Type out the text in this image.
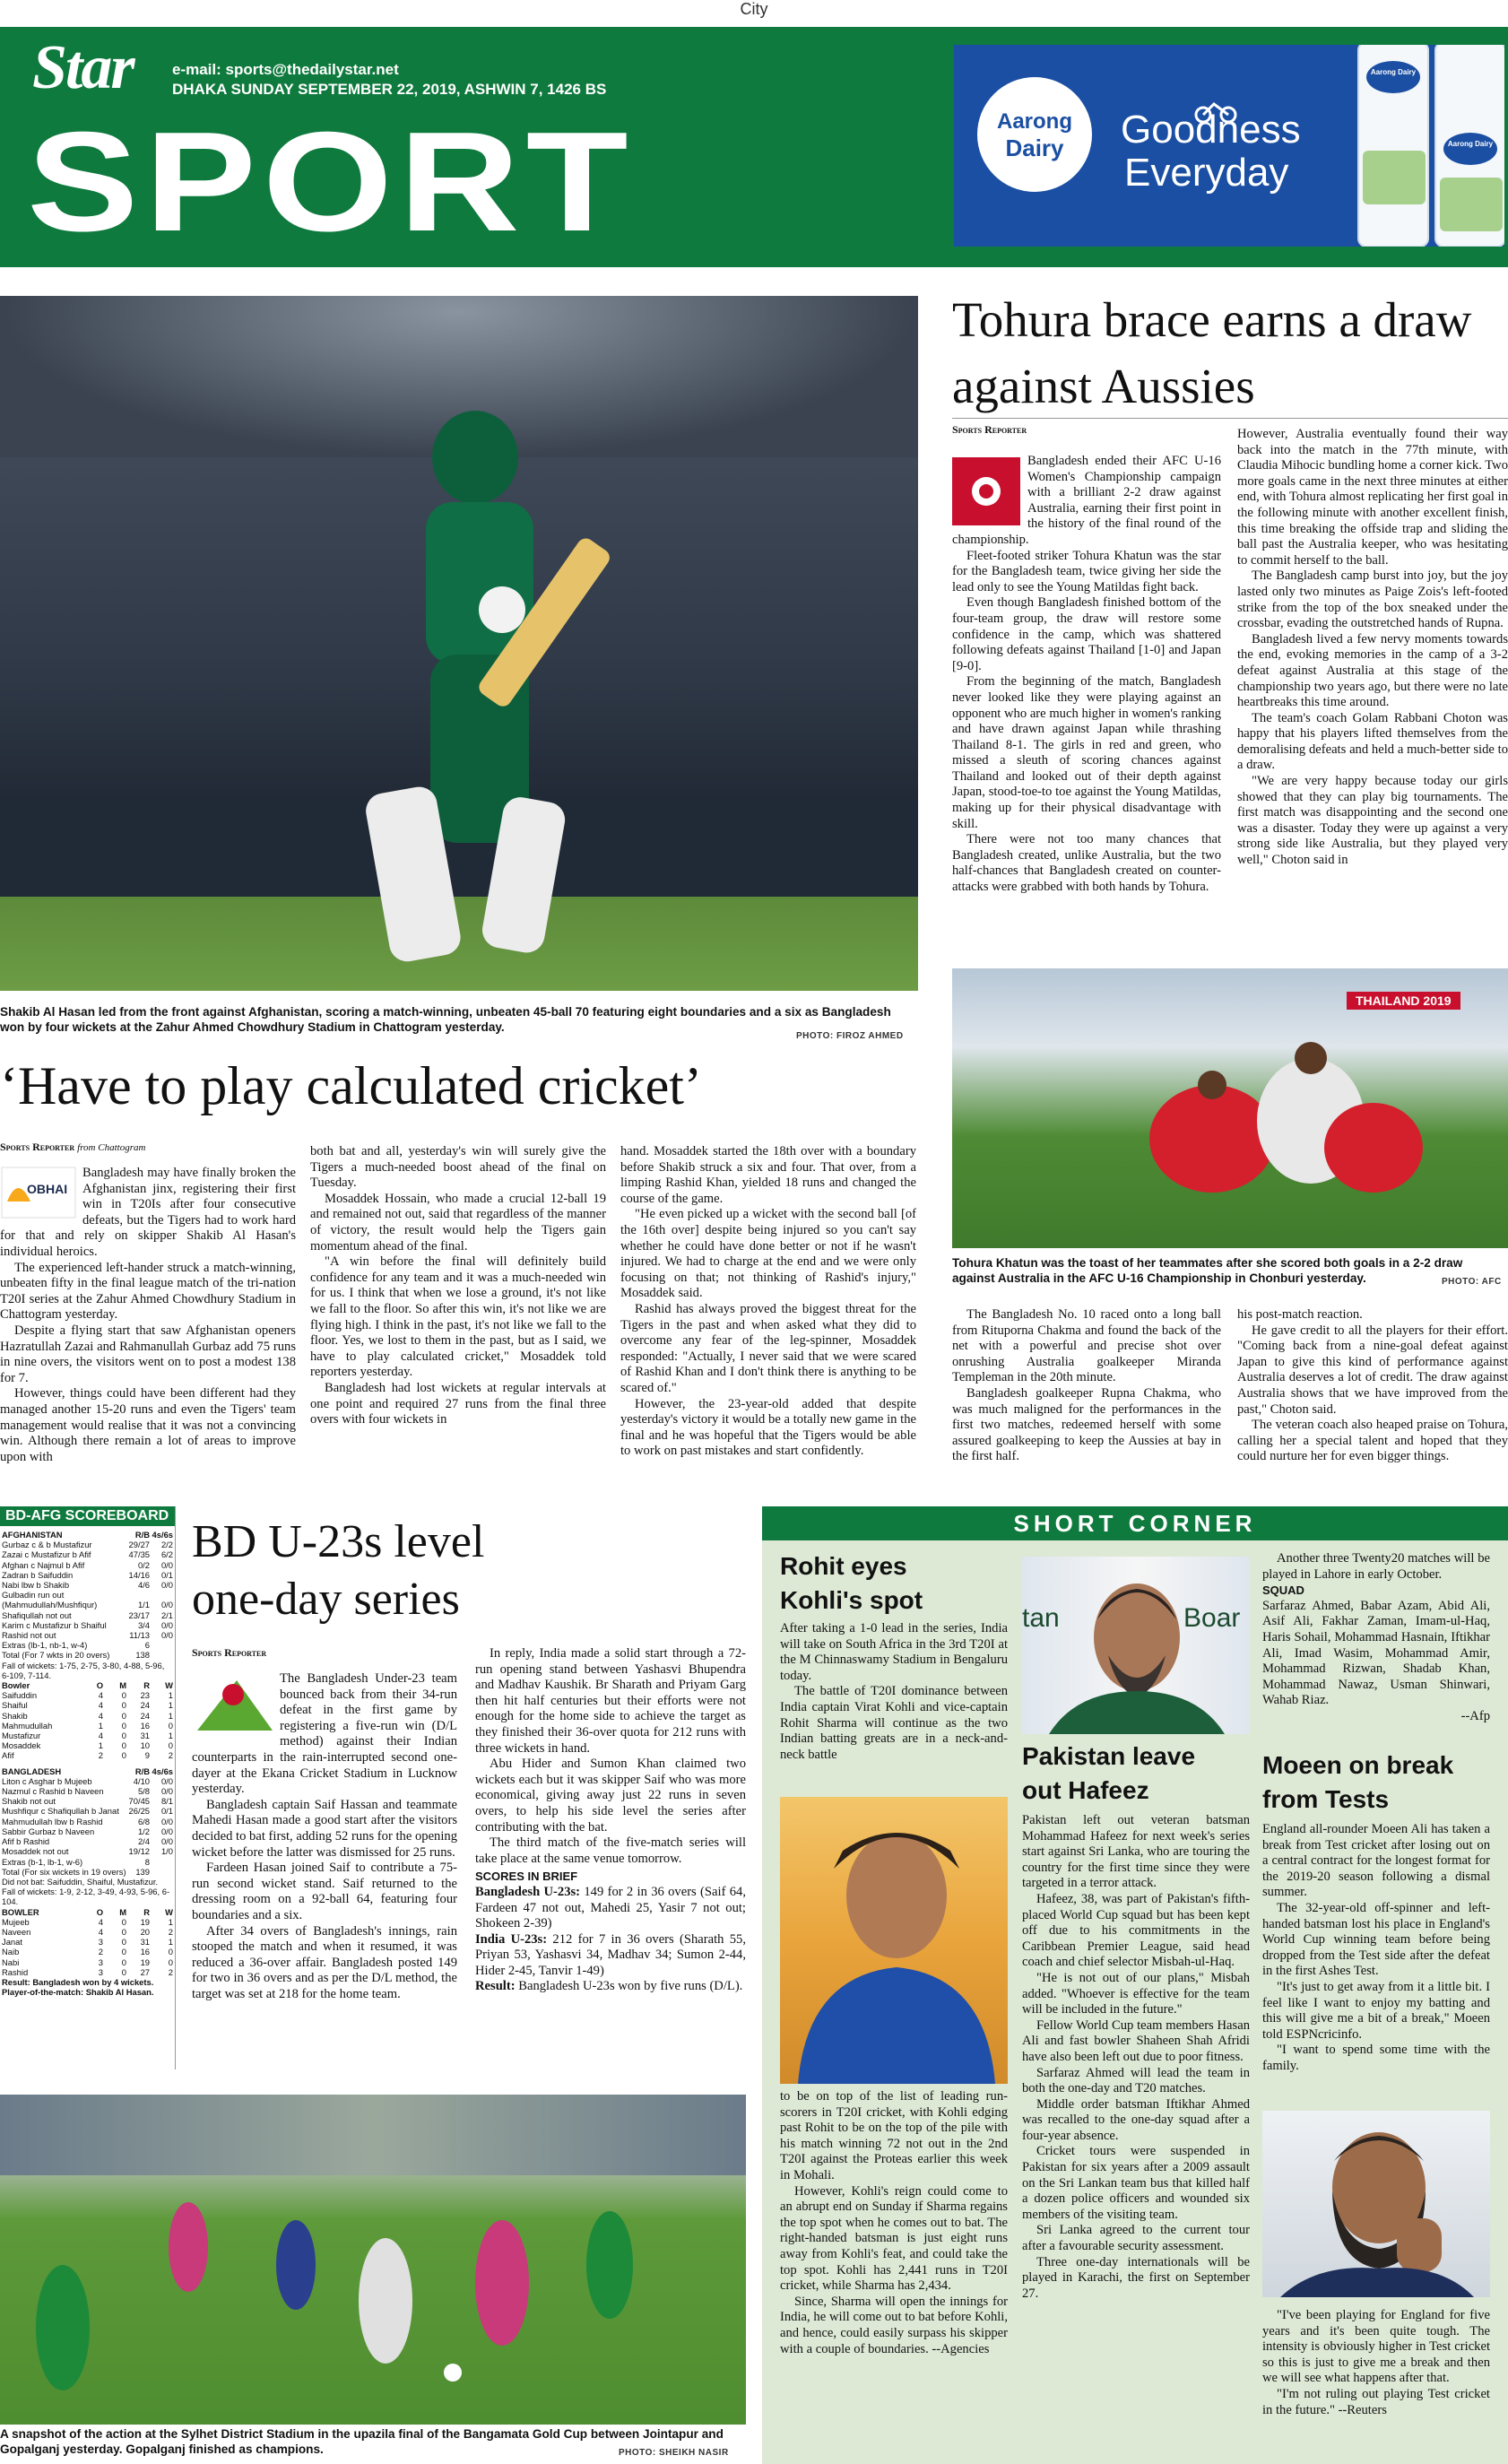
City
Star	e-mail: sports@thedailystar.net
DHAKA SUNDAY SEPTEMBER 22, 2019, ASHWIN 7, 1426 BS
SPORT	Aarong
Dairy	Goodness
Everyday
Aarong Dairy
Aarong Dairy
Shakib Al Hasan led from the front against Afghanistan, scoring a match-winning, unbeaten 45-ball 70 featuring eight boundaries and a six as Bangladesh won by four wickets at the Zahur Ahmed Chowdhury Stadium in Chattogram yesterday.
PHOTO: FIROZ AHMED
‘Have to play calculated cricket’
Sports Reporter from Chattogram
OBHAI

Bangladesh may have finally broken the Afghanistan jinx, registering their first win in T20Is after four consecutive defeats, but the Tigers had to work hard for that and rely on skipper Shakib Al Hasan's individual heroics.

The experienced left-hander struck a match-winning, unbeaten fifty in the final league match of the tri-nation T20I series at the Zahur Ahmed Chowdhury Stadium in Chattogram yesterday.

Despite a flying start that saw Afghanistan openers Hazratullah Zazai and Rahmanullah Gurbaz add 75 runs in nine overs, the visitors went on to post a modest 138 for 7.

However, things could have been different had they managed another 15-20 runs and even the Tigers' team management would realise that it was not a convincing win. Although there remain a lot of areas to improve upon with

both bat and all, yesterday's win will surely give the Tigers a much-needed boost ahead of the final on Tuesday.

Mosaddek Hossain, who made a crucial 12-ball 19 and remained not out, said that regardless of the manner of victory, the result would help the Tigers gain momentum ahead of the final.

"A win before the final will definitely build confidence for any team and it was a much-needed win for us. I think that when we lose a ground, it's not like we fall to the floor. So after this win, it's not like we are flying high. I think in the past, it's not like we fall to the floor. Yes, we lost to them in the past, but as I said, we have to play calculated cricket," Mosaddek told reporters yesterday.

Bangladesh had lost wickets at regular intervals at one point and required 27 runs from the final three overs with four wickets in

hand. Mosaddek started the 18th over with a boundary before Shakib struck a six and four. That over, from a limping Rashid Khan, yielded 18 runs and changed the course of the game.

"He even picked up a wicket with the second ball [of the 16th over] despite being injured so you can't say whether he could have done better or not if he wasn't injured. We had to charge at the end and we were only focusing on that; not thinking of Rashid's injury," Mosaddek said.

Rashid has always proved the biggest threat for the Tigers in the past and when asked what they did to overcome any fear of the leg-spinner, Mosaddek responded: "Actually, I never said that we were scared of Rashid Khan and I don't think there is anything to be scared of."

However, the 23-year-old added that despite yesterday's victory it would be a totally new game in the final and he was hopeful that the Tigers would be able to work on past mistakes and start confidently.

Tohura brace earns a draw against Aussies
Sports Reporter

Bangladesh ended their AFC U-16 Women's Championship campaign with a brilliant 2-2 draw against Australia, earning their first point in the history of the final round of the championship.

Fleet-footed striker Tohura Khatun was the star for the Bangladesh team, twice giving her side the lead only to see the Young Matildas fight back.

Even though Bangladesh finished bottom of the four-team group, the draw will restore some confidence in the camp, which was shattered following defeats against Thailand [1-0] and Japan [9-0].

From the beginning of the match, Bangladesh never looked like they were playing against an opponent who are much higher in women's ranking and have drawn against Japan while thrashing Thailand 8-1. The girls in red and green, who missed a sleuth of scoring chances against Thailand and looked out of their depth against Japan, stood-toe-to toe against the Young Matildas, making up for their physical disadvantage with skill.

There were not too many chances that Bangladesh created, unlike Australia, but the two half-chances that Bangladesh created on counter-attacks were grabbed with both hands by Tohura.

However, Australia eventually found their way back into the match in the 77th minute, with Claudia Mihocic bundling home a corner kick. Two more goals came in the next three minutes at either end, with Tohura almost replicating her first goal in the following minute with another excellent finish, this time breaking the offside trap and sliding the ball past the Australia keeper, who was hesitating to commit herself to the ball.

The Bangladesh camp burst into joy, but the joy lasted only two minutes as Paige Zois's left-footed strike from the top of the box sneaked under the crossbar, evading the outstretched hands of Rupna.

Bangladesh lived a few nervy moments towards the end, evoking memories in the camp of a 3-2 defeat against Australia at this stage of the championship two years ago, but there were no late heartbreaks this time around.

The team's coach Golam Rabbani Choton was happy that his players lifted themselves from the demoralising defeats and held a much-better side to a draw.

"We are very happy because today our girls showed that they can play big tournaments. The first match was disappointing and the second one was a disaster. Today they were up against a very strong side like Australia, but they played very well," Choton said in

THAILAND 2019
Tohura Khatun was the toast of her teammates after she scored both goals in a 2-2 draw against Australia in the AFC U-16 Championship in Chonburi yesterday.	PHOTO: AFC

The Bangladesh No. 10 raced onto a long ball from Rituporna Chakma and found the back of the net with a powerful and precise shot over onrushing Australia goalkeeper Miranda Templeman in the 20th minute.

Bangladesh goalkeeper Rupna Chakma, who was much maligned for the performances in the first two matches, redeemed herself with some assured goalkeeping to keep the Aussies at bay in the first half.

his post-match reaction.

He gave credit to all the players for their effort. "Coming back from a nine-goal defeat against Japan to give this kind of performance against Australia deserves a lot of credit. The draw against Australia shows that we have improved from the past," Choton said.

The veteran coach also heaped praise on Tohura, calling her a special talent and hoped that they could nurture her for even bigger things.

BD-AFG SCOREBOARD
AFGHANISTAN	R/B 4s/6s
Gurbaz c & b Mustafizur	29/27 2/2
Zazai c Mustafizur b Afif	47/35 6/2
Afghan c Najmul b Afif	0/2 0/0
Zadran b Saifuddin	14/16 0/1
Nabi lbw b Shakib	4/6 0/0
Gulbadin run out
(Mahmudullah/Mushfiqur)	1/1 0/0
Shafiqullah not out	23/17 2/1
Karim c Mustafizur b Shaiful	3/4 0/0
Rashid not out	11/13 0/0
Extras (lb-1, nb-1, w-4)	6
Total (For 7 wkts in 20 overs)	138
Fall of wickets: 1-75, 2-75, 3-80, 4-88, 5-96, 6-109, 7-114.
Bowler	O M R W
Saifuddin	4 0 23 1
Shaiful	4 0 24 1
Shakib	4 0 24 1
Mahmudullah	1 0 16 0
Mustafizur	4 0 31 1
Mosaddek	1 0 10 0
Afif	2 0 9 2
BANGLADESH	R/B 4s/6s
Liton c Asghar b Mujeeb	4/10 0/0
Nazmul c Rashid b Naveen	5/8 0/0
Shakib not out	70/45 8/1
Mushfiqur c Shafiqullah b Janat 26/25 0/1
Mahmudullah lbw b Rashid	6/8 0/0
Sabbir Gurbaz b Naveen	1/2 0/0
Afif b Rashid	2/4 0/0
Mosaddek not out	19/12 1/0
Extras (b-1, lb-1, w-6)	8
Total (For six wickets in 19 overs)	139
Did not bat: Saifuddin, Shaiful, Mustafizur.
Fall of wickets: 1-9, 2-12, 3-49, 4-93, 5-96, 6-104.
BOWLER	O M R W
Mujeeb	4 0 19 1
Naveen	4 0 20 2
Janat	3 0 31 1
Naib	2 0 16 0
Nabi	3 0 19 0
Rashid	3 0 27 2
Result: Bangladesh won by 4 wickets.
Player-of-the-match: Shakib Al Hasan.
BD U-23s level one-day series
Sports Reporter

The Bangladesh Under-23 team bounced back from their 34-run defeat in the first game by registering a five-run win (D/L method) against their Indian counterparts in the rain-interrupted second one-dayer at the Ekana Cricket Stadium in Lucknow yesterday.

Bangladesh captain Saif Hassan and teammate Mahedi Hasan made a good start after the visitors decided to bat first, adding 52 runs for the opening wicket before the latter was dismissed for 25 runs.

Fardeen Hasan joined Saif to contribute a 75-run second wicket stand. Saif returned to the dressing room on a 92-ball 64, featuring four boundaries and a six.

After 34 overs of Bangladesh's innings, rain stooped the match and when it resumed, it was reduced a 36-over affair. Bangladesh posted 149 for two in 36 overs and as per the D/L method, the target was set at 218 for the home team.

In reply, India made a solid start through a 72-run opening stand between Yashasvi Bhupendra and Madhav Kaushik. Br Sharath and Priyam Garg then hit half centuries but their efforts were not enough for the home side to achieve the target as they finished their 36-over quota for 212 runs with three wickets in hand.

Abu Hider and Sumon Khan claimed two wickets each but it was skipper Saif who was more economical, giving away just 22 runs in seven overs, to help his side level the series after contributing with the bat.

The third match of the five-match series will take place at the same venue tomorrow.

SCORES IN BRIEF

Bangladesh U-23s: 149 for 2 in 36 overs (Saif 64, Fardeen 47 not out, Mahedi 25, Yasir 7 not out; Shokeen 2-39)

India U-23s: 212 for 7 in 36 overs (Sharath 55, Priyan 53, Yashasvi 34, Madhav 34; Sumon 2-44, Hider 2-45, Tanvir 1-49)

Result: Bangladesh U-23s won by five runs (D/L).

A snapshot of the action at the Sylhet District Stadium in the upazila final of the Bangamata Gold Cup between Jointapur and Gopalganj yesterday. Gopalganj finished as champions.	PHOTO: SHEIKH NASIR
SHORT CORNER
Rohit eyes
Kohli's spot

After taking a 1-0 lead in the series, India will take on South Africa in the 3rd T20I at the M Chinnaswamy Stadium in Bengaluru today.

The battle of T20I dominance between India captain Virat Kohli and vice-captain Rohit Sharma will continue as the two Indian batting greats are in a neck-and-neck battle

to be on top of the list of leading run-scorers in T20I cricket, with Kohli edging past Rohit to be on the top of the pile with his match winning 72 not out in the 2nd T20I against the Proteas earlier this week in Mohali.

However, Kohli's reign could come to an abrupt end on Sunday if Sharma regains the top spot when he comes out to bat. The right-handed batsman is just eight runs away from Kohli's feat, and could take the top spot. Kohli has 2,441 runs in T20I cricket, while Sharma has 2,434.

Since, Sharma will open the innings for India, he will come out to bat before Kohli, and hence, could easily surpass his skipper with a couple of boundaries. --Agencies

tan	Boar
Pakistan leave
out Hafeez

Pakistan left out veteran batsman Mohammad Hafeez for next week's series start against Sri Lanka, who are touring the country for the first time since they were targeted in a terror attack.

Hafeez, 38, was part of Pakistan's fifth-placed World Cup squad but has been kept off due to his commitments in the Caribbean Premier League, said head coach and chief selector Misbah-ul-Haq.

"He is not out of our plans," Misbah added. "Whoever is effective for the team will be included in the future."

Fellow World Cup team members Hasan Ali and fast bowler Shaheen Shah Afridi have also been left out due to poor fitness.

Sarfaraz Ahmed will lead the team in both the one-day and T20 matches.

Middle order batsman Iftikhar Ahmed was recalled to the one-day squad after a four-year absence.

Cricket tours were suspended in Pakistan for six years after a 2009 assault on the Sri Lankan team bus that killed half a dozen police officers and wounded six members of the visiting team.

Sri Lanka agreed to the current tour after a favourable security assessment.

Three one-day internationals will be played in Karachi, the first on September 27.

Another three Twenty20 matches will be played in Lahore in early October.

SQUAD

Sarfaraz Ahmed, Babar Azam, Abid Ali, Asif Ali, Fakhar Zaman, Imam-ul-Haq, Haris Sohail, Mohammad Hasnain, Iftikhar Ali, Imad Wasim, Mohammad Amir, Mohammad Rizwan, Shadab Khan, Mohammad Nawaz, Usman Shinwari, Wahab Riaz.

--Afp
Moeen on break
from Tests

England all-rounder Moeen Ali has taken a break from Test cricket after losing out on a central contract for the longest format for the 2019-20 season following a dismal summer.

The 32-year-old off-spinner and left-handed batsman lost his place in England's World Cup winning team before being dropped from the Test side after the defeat in the first Ashes Test.

"It's just to get away from it a little bit. I feel like I want to enjoy my batting and this will give me a bit of a break," Moeen told ESPNcricinfo.

"I want to spend some time with the family.

"I've been playing for England for five years and it's been quite tough. The intensity is obviously higher in Test cricket so this is just to give me a break and then we will see what happens after that.

"I'm not ruling out playing Test cricket in the future." --Reuters
